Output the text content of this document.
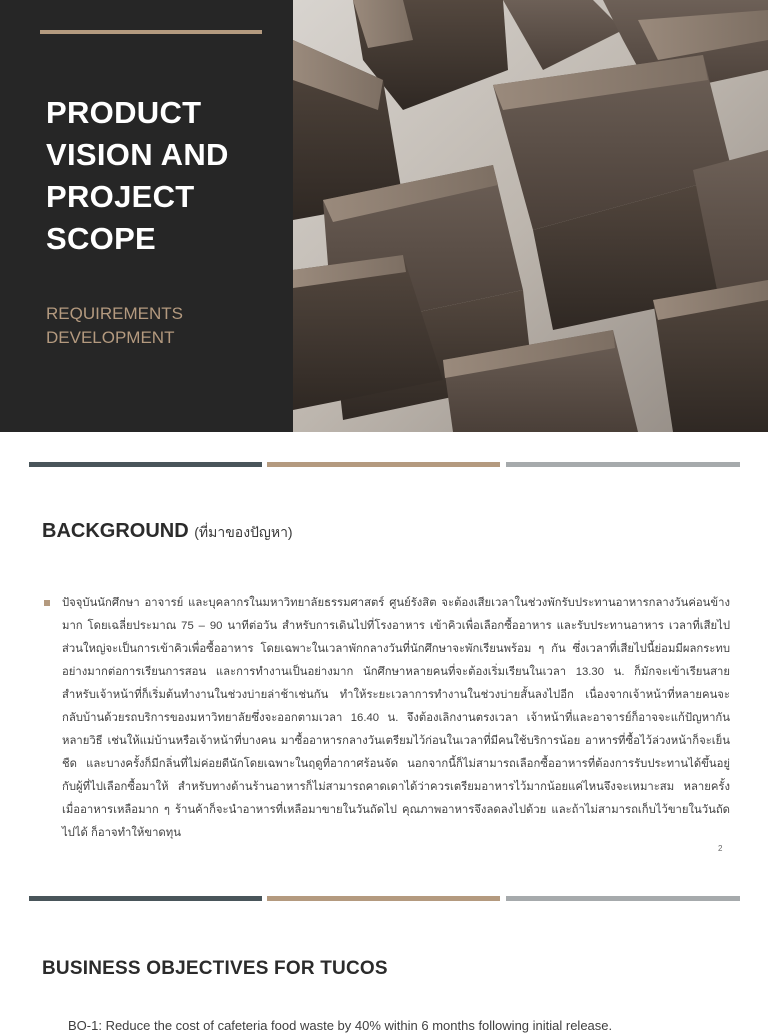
PRODUCT VISION AND PROJECT SCOPE

REQUIREMENTS DEVELOPMENT

BACKGROUND (ที่มาของปัญหา)

ปัจจุบันนักศึกษา อาจารย์ และบุคลากรในมหาวิทยาลัยธรรมศาสตร์ ศูนย์รังสิต จะต้องเสียเวลาในช่วงพักรับประทานอาหารกลางวันค่อนข้างมาก โดยเฉลี่ยประมาณ 75 – 90 นาทีต่อวัน สำหรับการเดินไปที่โรงอาหาร เข้าคิวเพื่อเลือกซื้ออาหาร และรับประทานอาหาร เวลาที่เสียไปส่วนใหญ่จะเป็นการเข้าคิวเพื่อซื้ออาหาร โดยเฉพาะในเวลาพักกลางวันที่นักศึกษาจะพักเรียนพร้อม ๆ กัน ซึ่งเวลาที่เสียไปนี้ย่อมมีผลกระทบอย่างมากต่อการเรียนการสอน และการทำงานเป็นอย่างมาก นักศึกษาหลายคนที่จะต้องเริ่มเรียนในเวลา 13.30 น. ก็มักจะเข้าเรียนสาย สำหรับเจ้าหน้าที่ก็เริ่มต้นทำงานในช่วงบ่ายล่าช้าเช่นกัน ทำให้ระยะเวลาการทำงานในช่วงบ่ายสั้นลงไปอีก เนื่องจากเจ้าหน้าที่หลายคนจะกลับบ้านด้วยรถบริการของมหาวิทยาลัยซึ่งจะออกตามเวลา 16.40 น. จึงต้องเลิกงานตรงเวลา เจ้าหน้าที่และอาจารย์ก็อาจจะแก้ปัญหากันหลายวิธี เช่นให้แม่บ้านหรือเจ้าหน้าที่บางคน มาซื้ออาหารกลางวันเตรียมไว้ก่อนในเวลาที่มีคนใช้บริการน้อย อาหารที่ซื้อไว้ล่วงหน้าก็จะเย็นชืด และบางครั้งก็มีกลิ่นที่ไม่ค่อยดีนักโดยเฉพาะในฤดูที่อากาศร้อนจัด นอกจากนี้ก็ไม่สามารถเลือกซื้ออาหารที่ต้องการรับประทานได้ขึ้นอยู่กับผู้ที่ไปเลือกซื้อมาให้ สำหรับทางด้านร้านอาหารก็ไม่สามารถคาดเดาได้ว่าควรเตรียมอาหารไว้มากน้อยแค่ไหนจึงจะเหมาะสม หลายครั้งเมื่ออาหารเหลือมาก ๆ ร้านค้าก็จะนำอาหารที่เหลือมาขายในวันถัดไป คุณภาพอาหารจึงลดลงไปด้วย และถ้าไม่สามารถเก็บไว้ขายในวันถัดไปได้ ก็อาจทำให้ขาดทุน

2
BUSINESS OBJECTIVES FOR TUCOS
BO-1: Reduce the cost of cafeteria food waste by 40% within 6 months following initial release.
